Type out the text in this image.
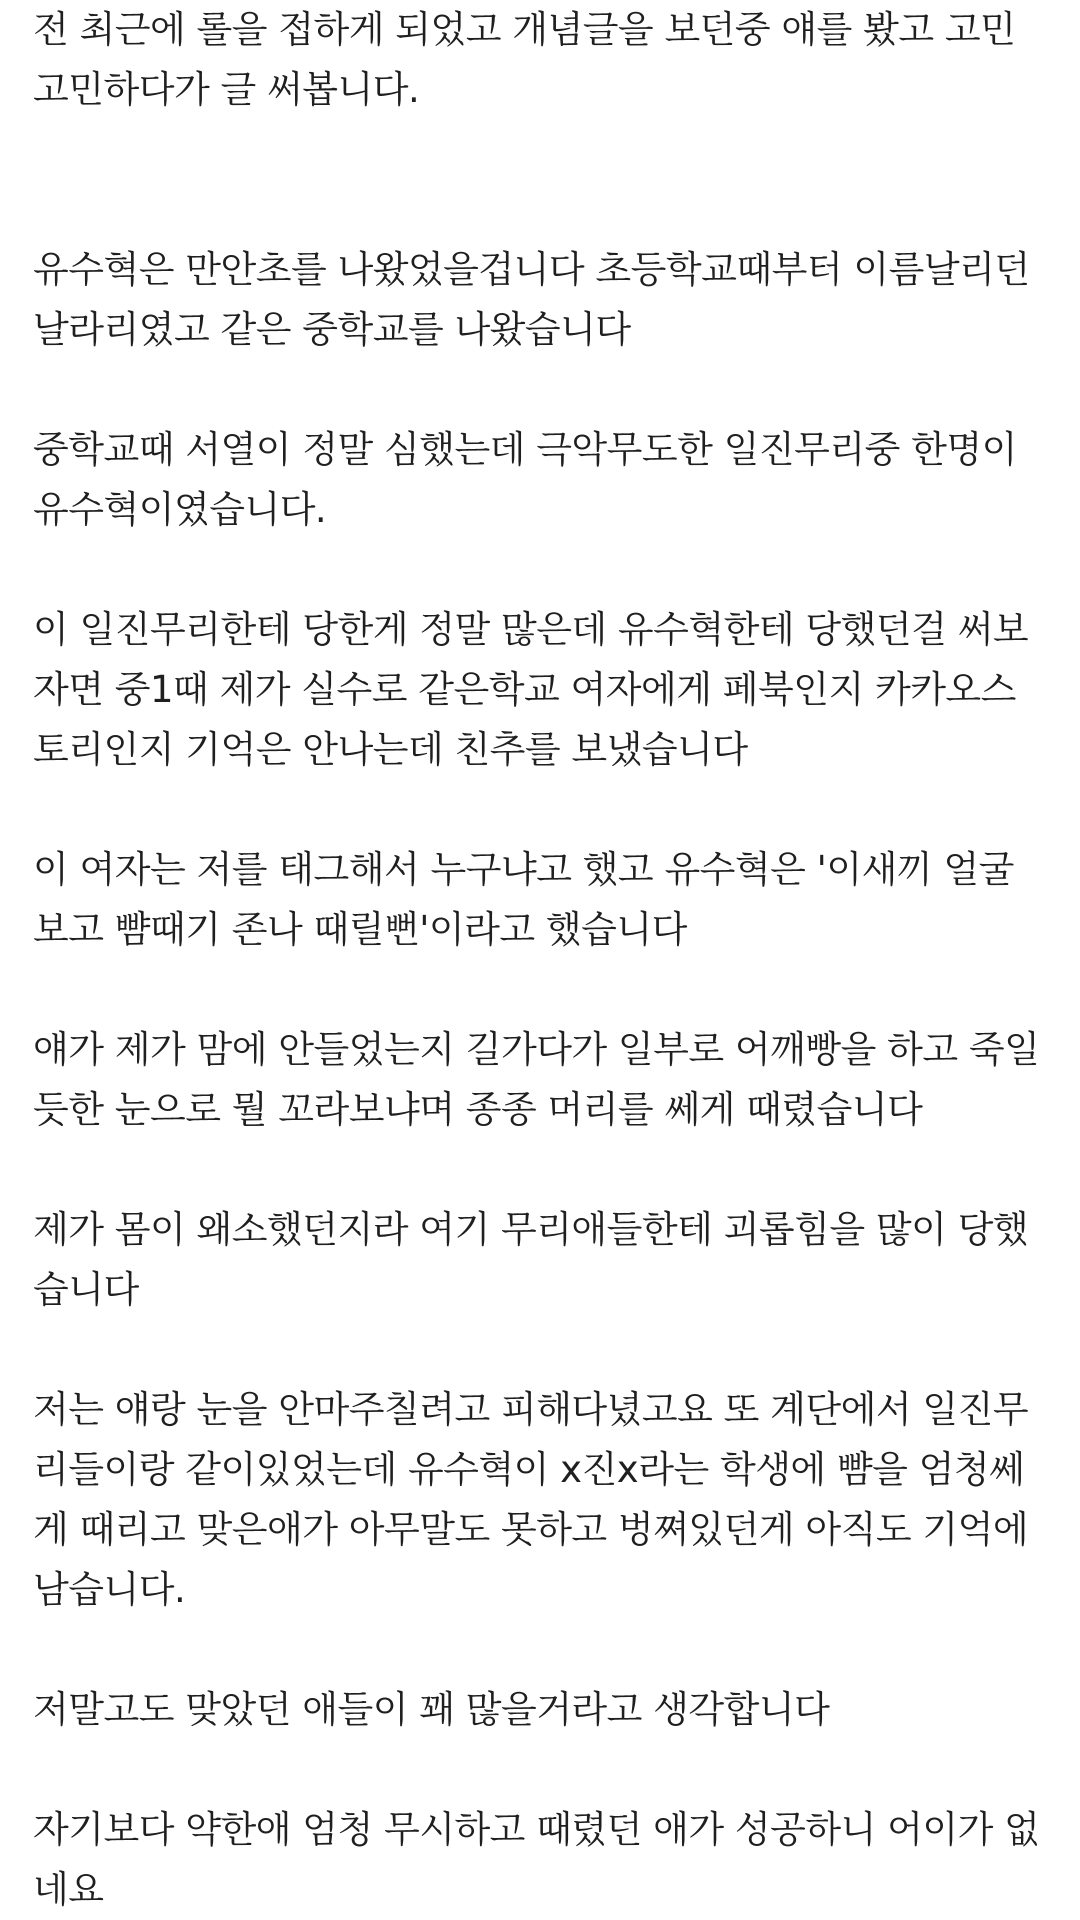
전 최근에 롤을 접하게 되었고 개념글을 보던중 얘를 봤고 고민
고민하다가 글 써봅니다.
유수혁은 만안초를 나왔었을겁니다 초등학교때부터 이름날리던
날라리였고 같은 중학교를 나왔습니다
중학교때 서열이 정말 심했는데 극악무도한 일진무리중 한명이
유수혁이였습니다.
이 일진무리한테 당한게 정말 많은데 유수혁한테 당했던걸 써보
자면 중1때 제가 실수로 같은학교 여자에게 페북인지 카카오스
토리인지 기억은 안나는데 친추를 보냈습니다
이 여자는 저를 태그해서 누구냐고 했고 유수혁은 '이새끼 얼굴
보고 뺨때기 존나 때릴뻔'이라고 했습니다
얘가 제가 맘에 안들었는지 길가다가 일부로 어깨빵을 하고 죽일
듯한 눈으로 뭘 꼬라보냐며 종종 머리를 쎄게 때렸습니다
제가 몸이 왜소했던지라 여기 무리애들한테 괴롭힘을 많이 당했
습니다
저는 얘랑 눈을 안마주칠려고 피해다녔고요 또 계단에서 일진무
리들이랑 같이있었는데 유수혁이 x진x라는 학생에 뺨을 엄청쎄
게 때리고 맞은애가 아무말도 못하고 벙쪄있던게 아직도 기억에
남습니다.
저말고도 맞았던 애들이 꽤 많을거라고 생각합니다
자기보다 약한애 엄청 무시하고 때렸던 애가 성공하니 어이가 없
네요
